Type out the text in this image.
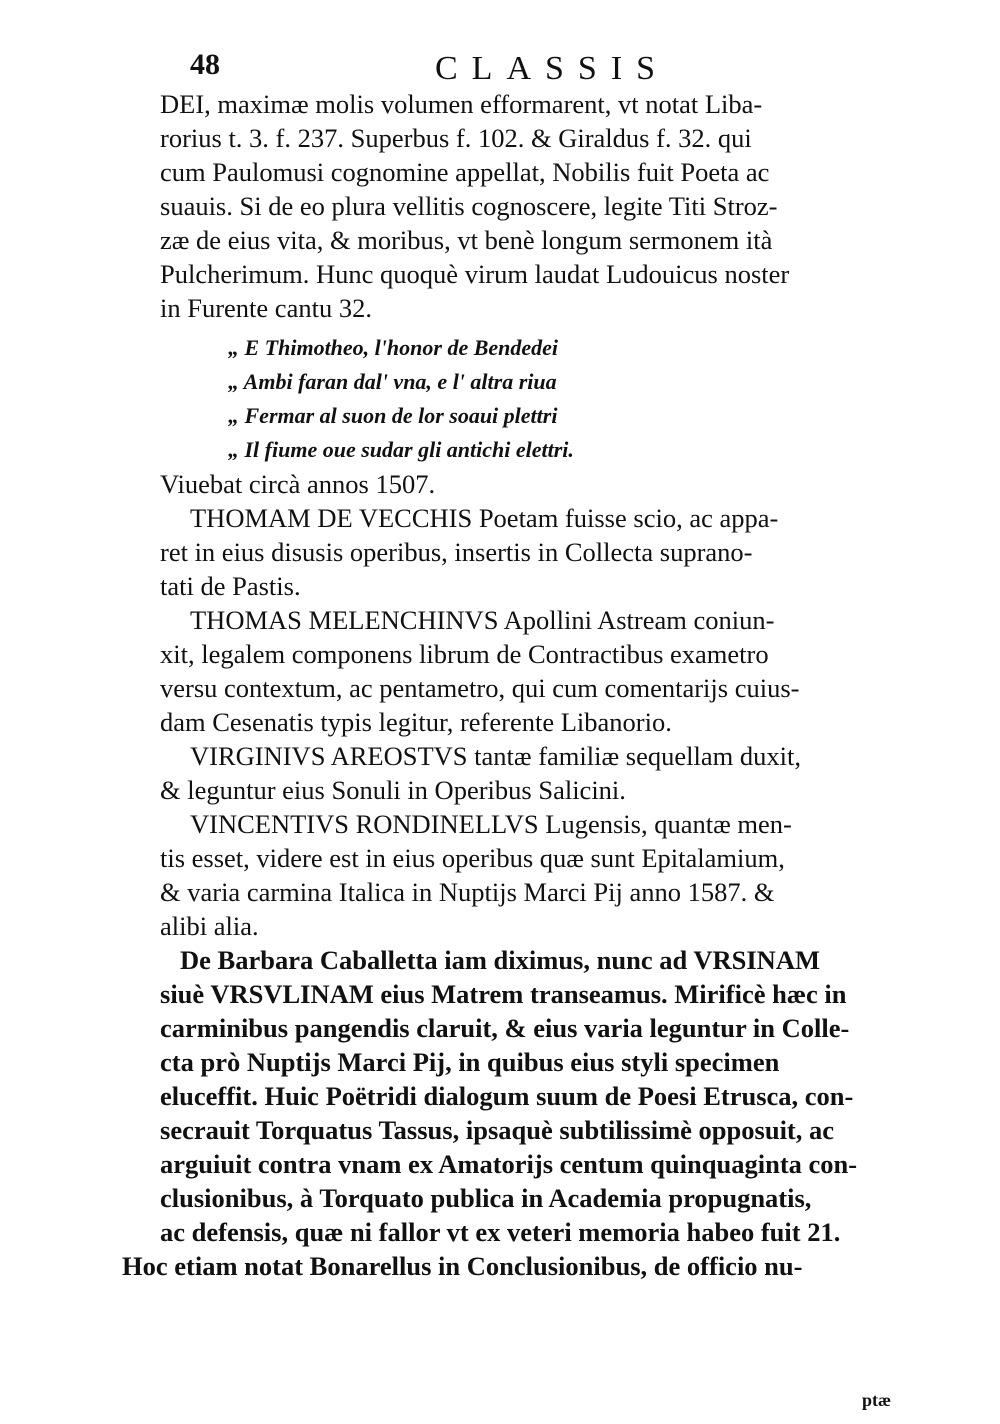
48	CLASSIS
DEI, maximæ molis volumen efformarent, vt notat Liba-
rorius t. 3. f. 237. Superbus f. 102. & Giraldus f. 32. qui
cum Paulomusi cognomine appellat, Nobilis fuit Poeta ac
suauis. Si de eo plura vellitis cognoscere, legite Titi Stroz-
zæ de eius vita, & moribus, vt benè longum sermonem ità
Pulcherimum. Hunc quoquè virum laudat Ludouicus noster
in Furente cantu 32.
„ E Thimotheo, l'honor de Bendedei
„ Ambi faran dal' vna, e l' altra riua
„ Fermar al suon de lor soaui plettri
„ Il fiume oue sudar gli antichi elettri.
Viuebat circà annos 1507.
THOMAM DE VECCHIS Poetam fuisse scio, ac appa-
ret in eius disusis operibus, insertis in Collecta suprano-
tati de Pastis.
THOMAS MELENCHINVS Apollini Astream coniun-
xit, legalem componens librum de Contractibus exametro
versu contextum, ac pentametro, qui cum comentarijs cuius-
dam Cesenatis typis legitur, referente Libanorio.
VIRGINIVS AREOSTVS tantæ familiæ sequellam duxit,
& leguntur eius Sonuli in Operibus Salicini.
VINCENTIVS RONDINELLVS Lugensis, quantæ men-
tis esset, videre est in eius operibus quæ sunt Epitalamium,
& varia carmina Italica in Nuptijs Marci Pij anno 1587. &
alibi alia.
De Barbara Caballetta iam diximus, nunc ad VRSINAM
siuè VRSVLINAM eius Matrem transeamus. Mirificè hæc in
carminibus pangendis claruit, & eius varia leguntur in Colle-
cta prò Nuptijs Marci Pij, in quibus eius styli specimen
eluceffit. Huic Poëtridi dialogum suum de Poesi Etrusca, con-
secrauit Torquatus Tassus, ipsaquè subtilissimè opposuit, ac
arguiuit contra vnam ex Amatorijs centum quinquaginta con-
clusionibus, à Torquato publica in Academia propugnatis,
ac defensis, quæ ni fallor vt ex veteri memoria habeo fuit 21.
Hoc etiam notat Bonarellus in Conclusionibus, de officio nu-
ptæ
